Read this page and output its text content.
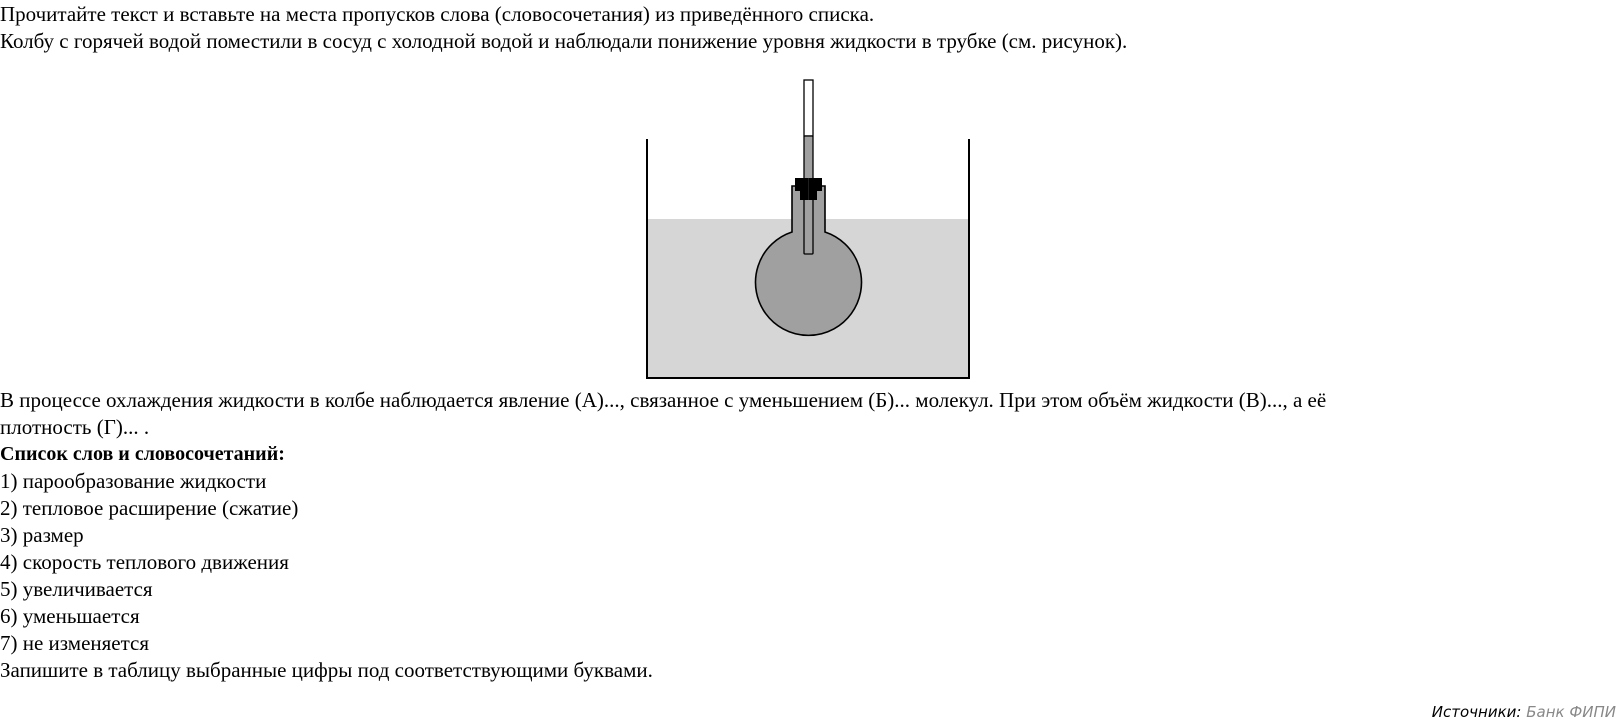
Прочитайте текст и вставьте на места пропусков слова (словосочетания) из приведённого списка.

Колбу с горячей водой поместили в сосуд с холодной водой и наблюдали понижение уровня жидкости в трубке (см. рисунок).

В процессе охлаждения жидкости в колбе наблюдается явление (А)..., связанное с уменьшением (Б)... молекул. При этом объём жидкости (В)..., а её

плотность (Г)... .

Список слов и словосочетаний:

1) парообразование жидкости
2) тепловое расширение (сжатие)
3) размер
4) скорость теплового движения
5) увеличивается
6) уменьшается
7) не изменяется

Запишите в таблицу выбранные цифры под соответствующими буквами.

Источники: Банк ФИПИ
